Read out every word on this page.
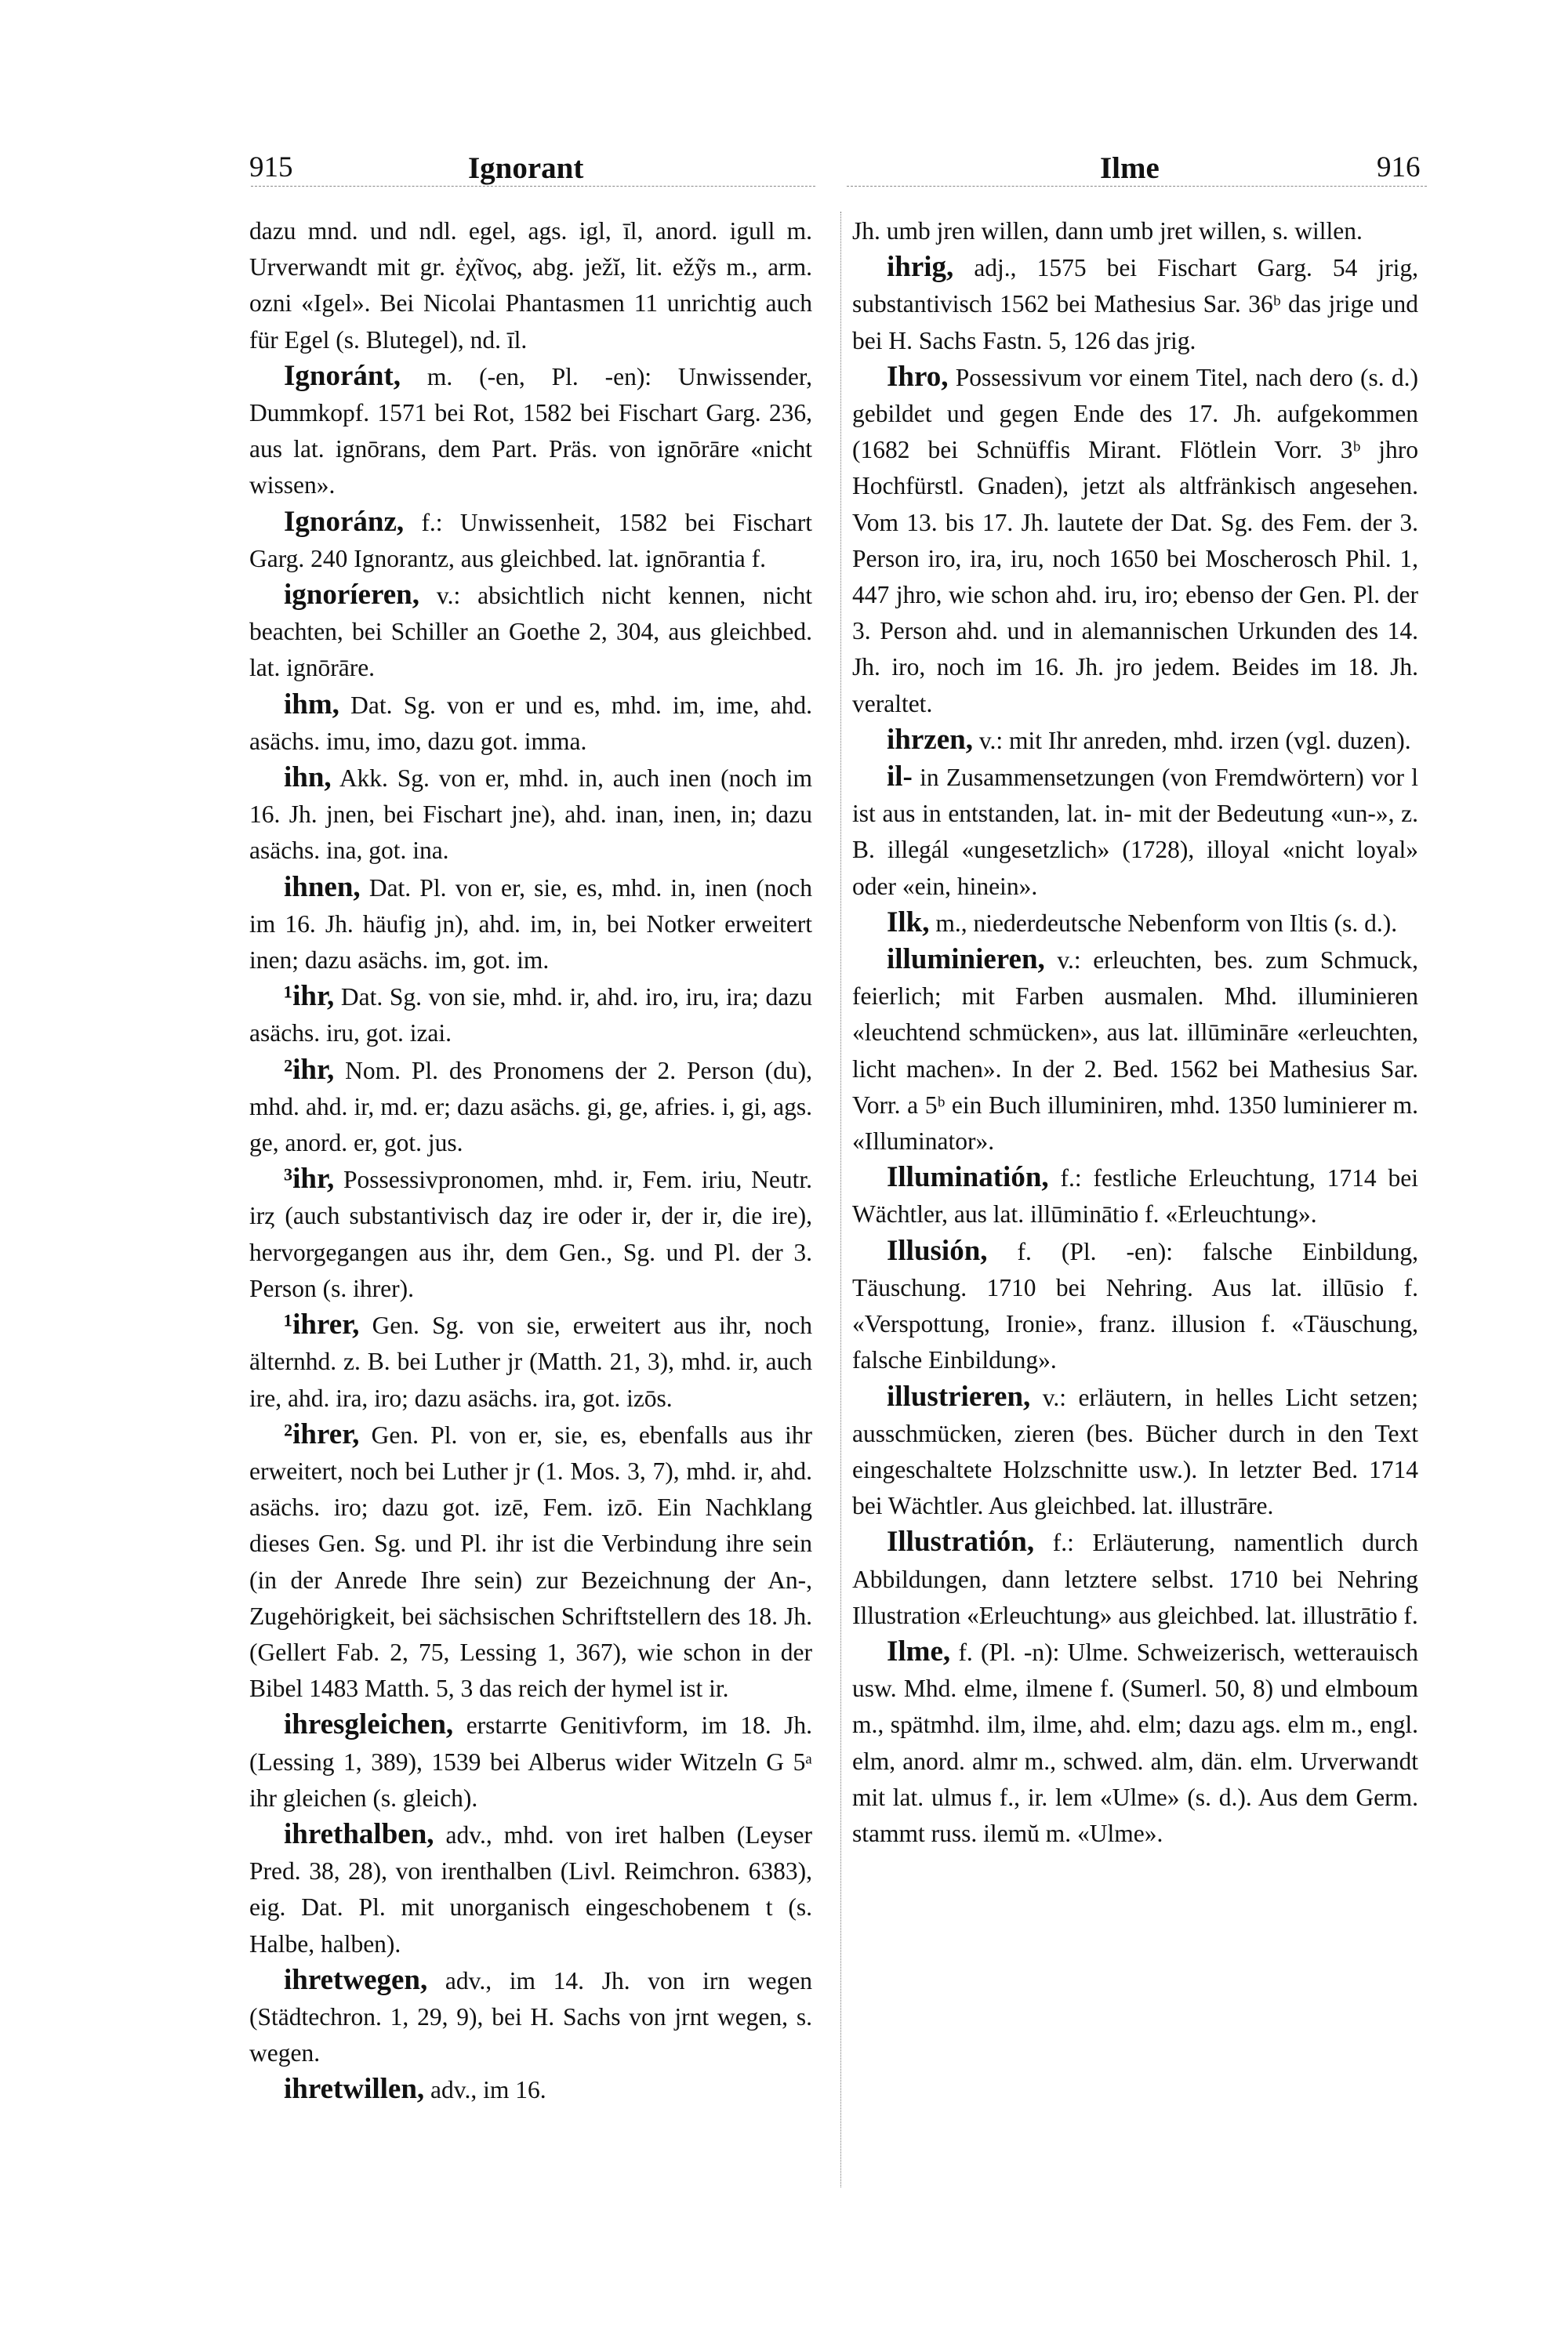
915	Ignorant	Ilme	916

dazu mnd. und ndl. egel, ags. igl, īl, anord. igull m. Urverwandt mit gr. ἐχῖνος, abg. ježĭ, lit. ežỹs m., arm. ozni «Igel». Bei Nicolai Phantasmen 11 unrichtig auch für Egel (s. Blutegel), nd. īl.

Ignoránt, m. (-en, Pl. -en): Unwissender, Dummkopf. 1571 bei Rot, 1582 bei Fischart Garg. 236, aus lat. ignōrans, dem Part. Präs. von ignōrāre «nicht wissen».

Ignoránz, f.: Unwissenheit, 1582 bei Fischart Garg. 240 Ignorantz, aus gleichbed. lat. ignōrantia f.

ignoríeren, v.: absichtlich nicht kennen, nicht beachten, bei Schiller an Goethe 2, 304, aus gleichbed. lat. ignōrāre.

ihm, Dat. Sg. von er und es, mhd. im, ime, ahd. asächs. imu, imo, dazu got. imma.

ihn, Akk. Sg. von er, mhd. in, auch inen (noch im 16. Jh. jnen, bei Fischart jne), ahd. inan, inen, in; dazu asächs. ina, got. ina.

ihnen, Dat. Pl. von er, sie, es, mhd. in, inen (noch im 16. Jh. häufig jn), ahd. im, in, bei Notker erweitert inen; dazu asächs. im, got. im.

¹ihr, Dat. Sg. von sie, mhd. ir, ahd. iro, iru, ira; dazu asächs. iru, got. izai.

²ihr, Nom. Pl. des Pronomens der 2. Person (du), mhd. ahd. ir, md. er; dazu asächs. gi, ge, afries. i, gi, ags. ge, anord. er, got. jus.

³ihr, Possessivpronomen, mhd. ir, Fem. iriu, Neutr. irȥ (auch substantivisch daȥ ire oder ir, der ir, die ire), hervorgegangen aus ihr, dem Gen., Sg. und Pl. der 3. Person (s. ihrer).

¹ihrer, Gen. Sg. von sie, erweitert aus ihr, noch älternhd. z. B. bei Luther jr (Matth. 21, 3), mhd. ir, auch ire, ahd. ira, iro; dazu asächs. ira, got. izōs.

²ihrer, Gen. Pl. von er, sie, es, ebenfalls aus ihr erweitert, noch bei Luther jr (1. Mos. 3, 7), mhd. ir, ahd. asächs. iro; dazu got. izē, Fem. izō. Ein Nachklang dieses Gen. Sg. und Pl. ihr ist die Verbindung ihre sein (in der Anrede Ihre sein) zur Bezeichnung der An-, Zugehörigkeit, bei sächsischen Schriftstellern des 18. Jh. (Gellert Fab. 2, 75, Lessing 1, 367), wie schon in der Bibel 1483 Matth. 5, 3 das reich der hymel ist ir.

ihresgleichen, erstarrte Genitivform, im 18. Jh. (Lessing 1, 389), 1539 bei Alberus wider Witzeln G 5ᵃ ihr gleichen (s. gleich).

ihrethalben, adv., mhd. von iret halben (Leyser Pred. 38, 28), von irenthalben (Livl. Reimchron. 6383), eig. Dat. Pl. mit unorganisch eingeschobenem t (s. Halbe, halben).

ihretwegen, adv., im 14. Jh. von irn wegen (Städtechron. 1, 29, 9), bei H. Sachs von jrnt wegen, s. wegen.

ihretwillen, adv., im 16.

Jh. umb jren willen, dann umb jret willen, s. willen.

ihrig, adj., 1575 bei Fischart Garg. 54 jrig, substantivisch 1562 bei Mathesius Sar. 36ᵇ das jrige und bei H. Sachs Fastn. 5, 126 das jrig.

Ihro, Possessivum vor einem Titel, nach dero (s. d.) gebildet und gegen Ende des 17. Jh. aufgekommen (1682 bei Schnüffis Mirant. Flötlein Vorr. 3ᵇ jhro Hochfürstl. Gnaden), jetzt als altfränkisch angesehen. Vom 13. bis 17. Jh. lautete der Dat. Sg. des Fem. der 3. Person iro, ira, iru, noch 1650 bei Moscherosch Phil. 1, 447 jhro, wie schon ahd. iru, iro; ebenso der Gen. Pl. der 3. Person ahd. und in alemannischen Urkunden des 14. Jh. iro, noch im 16. Jh. jro jedem. Beides im 18. Jh. veraltet.

ihrzen, v.: mit Ihr anreden, mhd. irzen (vgl. duzen).

il- in Zusammensetzungen (von Fremdwörtern) vor l ist aus in entstanden, lat. in- mit der Bedeutung «un-», z. B. illegál «ungesetzlich» (1728), illoyal «nicht loyal» oder «ein, hinein».

Ilk, m., niederdeutsche Nebenform von Iltis (s. d.).

illuminieren, v.: erleuchten, bes. zum Schmuck, feierlich; mit Farben ausmalen. Mhd. illuminieren «leuchtend schmücken», aus lat. illūmināre «erleuchten, licht machen». In der 2. Bed. 1562 bei Mathesius Sar. Vorr. a 5ᵇ ein Buch illuminiren, mhd. 1350 luminierer m. «Illuminator».

Illuminatión, f.: festliche Erleuchtung, 1714 bei Wächtler, aus lat. illūminātio f. «Erleuchtung».

Illusión, f. (Pl. -en): falsche Einbildung, Täuschung. 1710 bei Nehring. Aus lat. illūsio f. «Verspottung, Ironie», franz. illusion f. «Täuschung, falsche Einbildung».

illustrieren, v.: erläutern, in helles Licht setzen; ausschmücken, zieren (bes. Bücher durch in den Text eingeschaltete Holzschnitte usw.). In letzter Bed. 1714 bei Wächtler. Aus gleichbed. lat. illustrāre.

Illustratión, f.: Erläuterung, namentlich durch Abbildungen, dann letztere selbst. 1710 bei Nehring Illustration «Erleuchtung» aus gleichbed. lat. illustrātio f.

Ilme, f. (Pl. -n): Ulme. Schweizerisch, wetterauisch usw. Mhd. elme, ilmene f. (Sumerl. 50, 8) und elmboum m., spätmhd. ilm, ilme, ahd. elm; dazu ags. elm m., engl. elm, anord. almr m., schwed. alm, dän. elm. Urverwandt mit lat. ulmus f., ir. lem «Ulme» (s. d.). Aus dem Germ. stammt russ. ilemŭ m. «Ulme».
